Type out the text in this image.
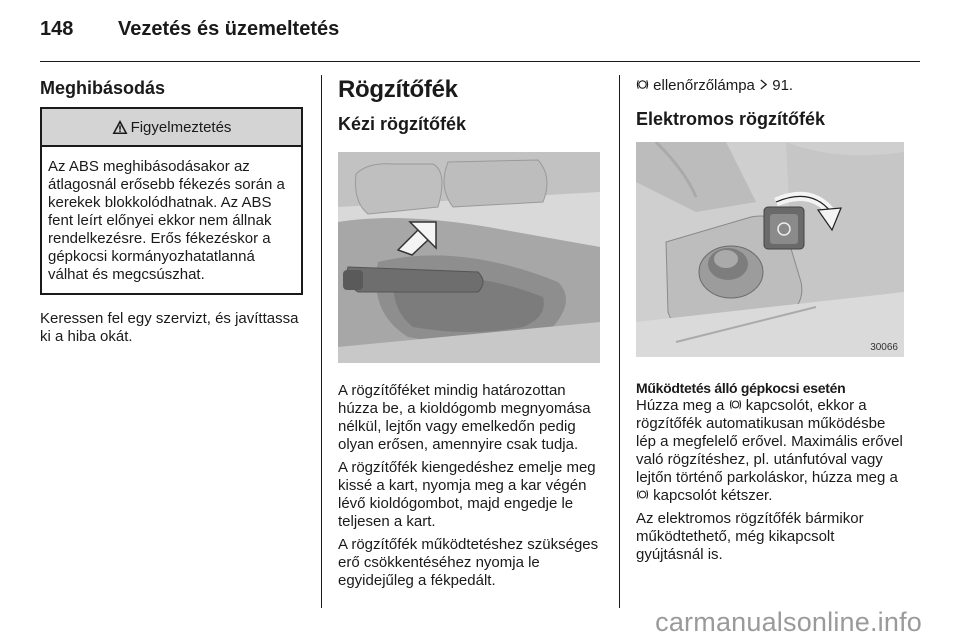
148 Vezetés és üzemeltetés
Meghibásodás
Figyelmeztetés

Az ABS meghibásodásakor az átlagosnál erősebb fékezés során a kerekek blokkolódhatnak. Az ABS fent leírt előnyei ekkor nem állnak rendelkezésre. Erős fékezéskor a gépkocsi kormányozhatatlanná válhat és megcsúszhat.

Keressen fel egy szervizt, és javíttassa ki a hiba okát.

Rögzítőfék
Kézi rögzítőfék

A rögzítőféket mindig határozottan húzza be, a kioldógomb megnyomása nélkül, lejtőn vagy emelkedőn pedig olyan erősen, amennyire csak tudja.

A rögzítőfék kiengedéshez emelje meg kissé a kart, nyomja meg a kar végén lévő kioldógombot, majd engedje le teljesen a kart.

A rögzítőfék működtetéshez szükséges erő csökkentéséhez nyomja le egyidejűleg a fékpedált.

ellenőrzőlámpa 91.

Elektromos rögzítőfék
30066

Működtetés álló gépkocsi esetén

Húzza meg a kapcsolót, ekkor a rögzítőfék automatikusan működésbe lép a megfelelő erővel. Maximális erővel való rögzítéshez, pl. utánfutóval vagy lejtőn történő parkoláskor, húzza meg a  kapcsolót kétszer.

Az elektromos rögzítőfék bármikor működtethető, még kikapcsolt gyújtásnál is.

carmanualsonline.info
